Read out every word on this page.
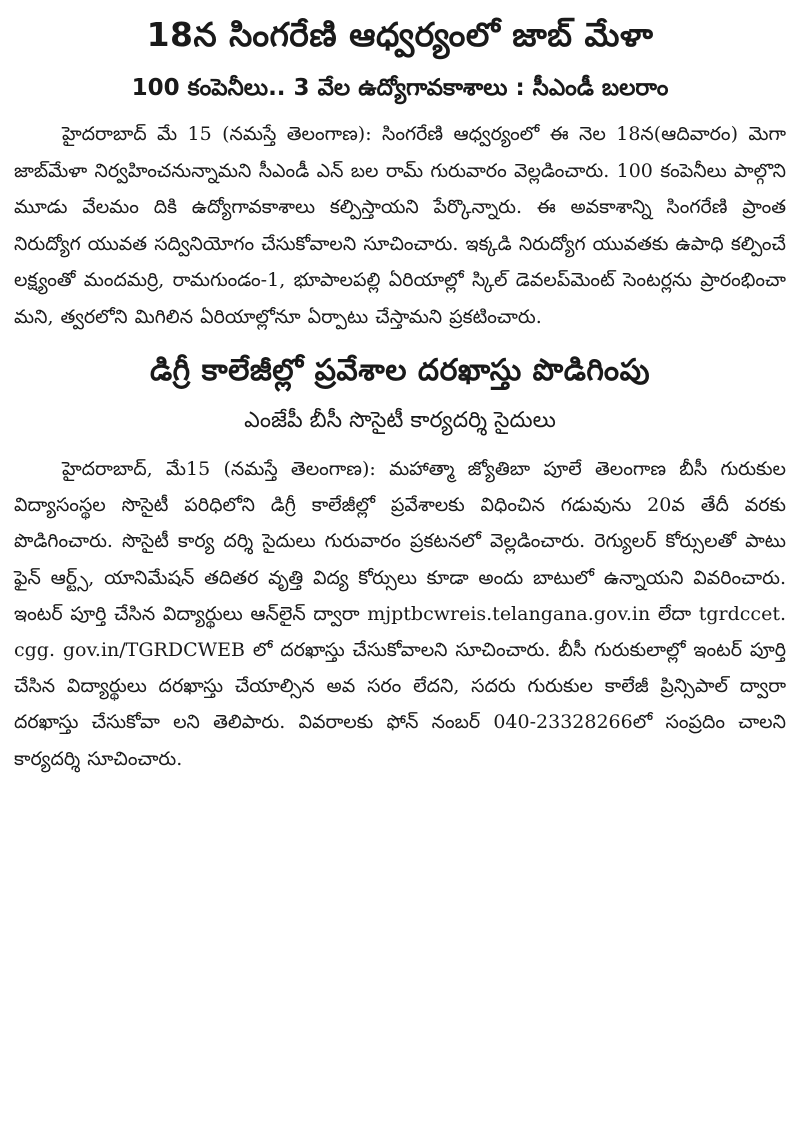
18న సింగరేణి ఆధ్వర్యంలో జాబ్‌ మేళా
100 కంపెనీలు.. 3 వేల ఉద్యోగావకాశాలు : సీఎండీ బలరాం

హైదరాబాద్‌ మే 15 (నమస్తే తెలంగాణ): సింగరేణి ఆధ్వర్యంలో ఈ నెల 18న(ఆదివారం) మెగా జాబ్‌మేళా నిర్వహించనున్నామని సీఎండీ ఎన్‌ బల రామ్‌ గురువారం వెల్లడించారు. 100 కంపెనీలు పాల్గొని మూడు వేలమం దికి ఉద్యోగావకాశాలు కల్పిస్తాయని పేర్కొన్నారు. ఈ అవకాశాన్ని సింగరేణి ప్రాంత నిరుద్యోగ యువత సద్వినియోగం చేసుకోవాలని సూచించారు. ఇక్కడి నిరుద్యోగ యువతకు ఉపాధి కల్పించే లక్ష్యంతో మందమర్రి, రామగుండం-1, భూపాలపల్లి ఏరియాల్లో స్కిల్‌ డెవలప్‌మెంట్‌ సెంటర్లను ప్రారంభించా మని, త్వరలోని మిగిలిన ఏరియాల్లోనూ ఏర్పాటు చేస్తామని ప్రకటించారు.

డిగ్రీ కాలేజీల్లో ప్రవేశాల దరఖాస్తు పొడిగింపు
ఎంజేపీ బీసీ సొసైటీ కార్యదర్శి సైదులు

హైదరాబాద్‌, మే15 (నమస్తే తెలంగాణ): మహాత్మా జ్యోతిబా పూలే తెలంగాణ బీసీ గురుకుల విద్యాసంస్థల సొసైటీ పరిధిలోని డిగ్రీ కాలేజీల్లో ప్రవేశాలకు విధించిన గడువును 20వ తేదీ వరకు పొడిగించారు. సొసైటీ కార్య దర్శి సైదులు గురువారం ప్రకటనలో వెల్లడించారు. రెగ్యులర్‌ కోర్సులతో పాటు ఫైన్‌ ఆర్ట్స్‌, యానిమేషన్‌ తదితర వృత్తి విద్య కోర్సులు కూడా అందు బాటులో ఉన్నాయని వివరించారు. ఇంటర్‌ పూర్తి చేసిన విద్యార్థులు ఆన్‌లైన్‌ ద్వారా mjptbcwreis.telangana.gov.in లేదా tgrdccet. cgg. gov.in/TGRDCWEB లో దరఖాస్తు చేసుకోవాలని సూచించారు. బీసీ గురుకులాల్లో ఇంటర్‌ పూర్తి చేసిన విద్యార్థులు దరఖాస్తు చేయాల్సిన అవ సరం లేదని, సదరు గురుకుల కాలేజీ ప్రిన్సిపాల్‌ ద్వారా దరఖాస్తు చేసుకోవా లని తెలిపారు. వివరాలకు ఫోన్‌ నంబర్‌ 040-23328266లో సంప్రదిం చాలని కార్యదర్శి సూచించారు.
